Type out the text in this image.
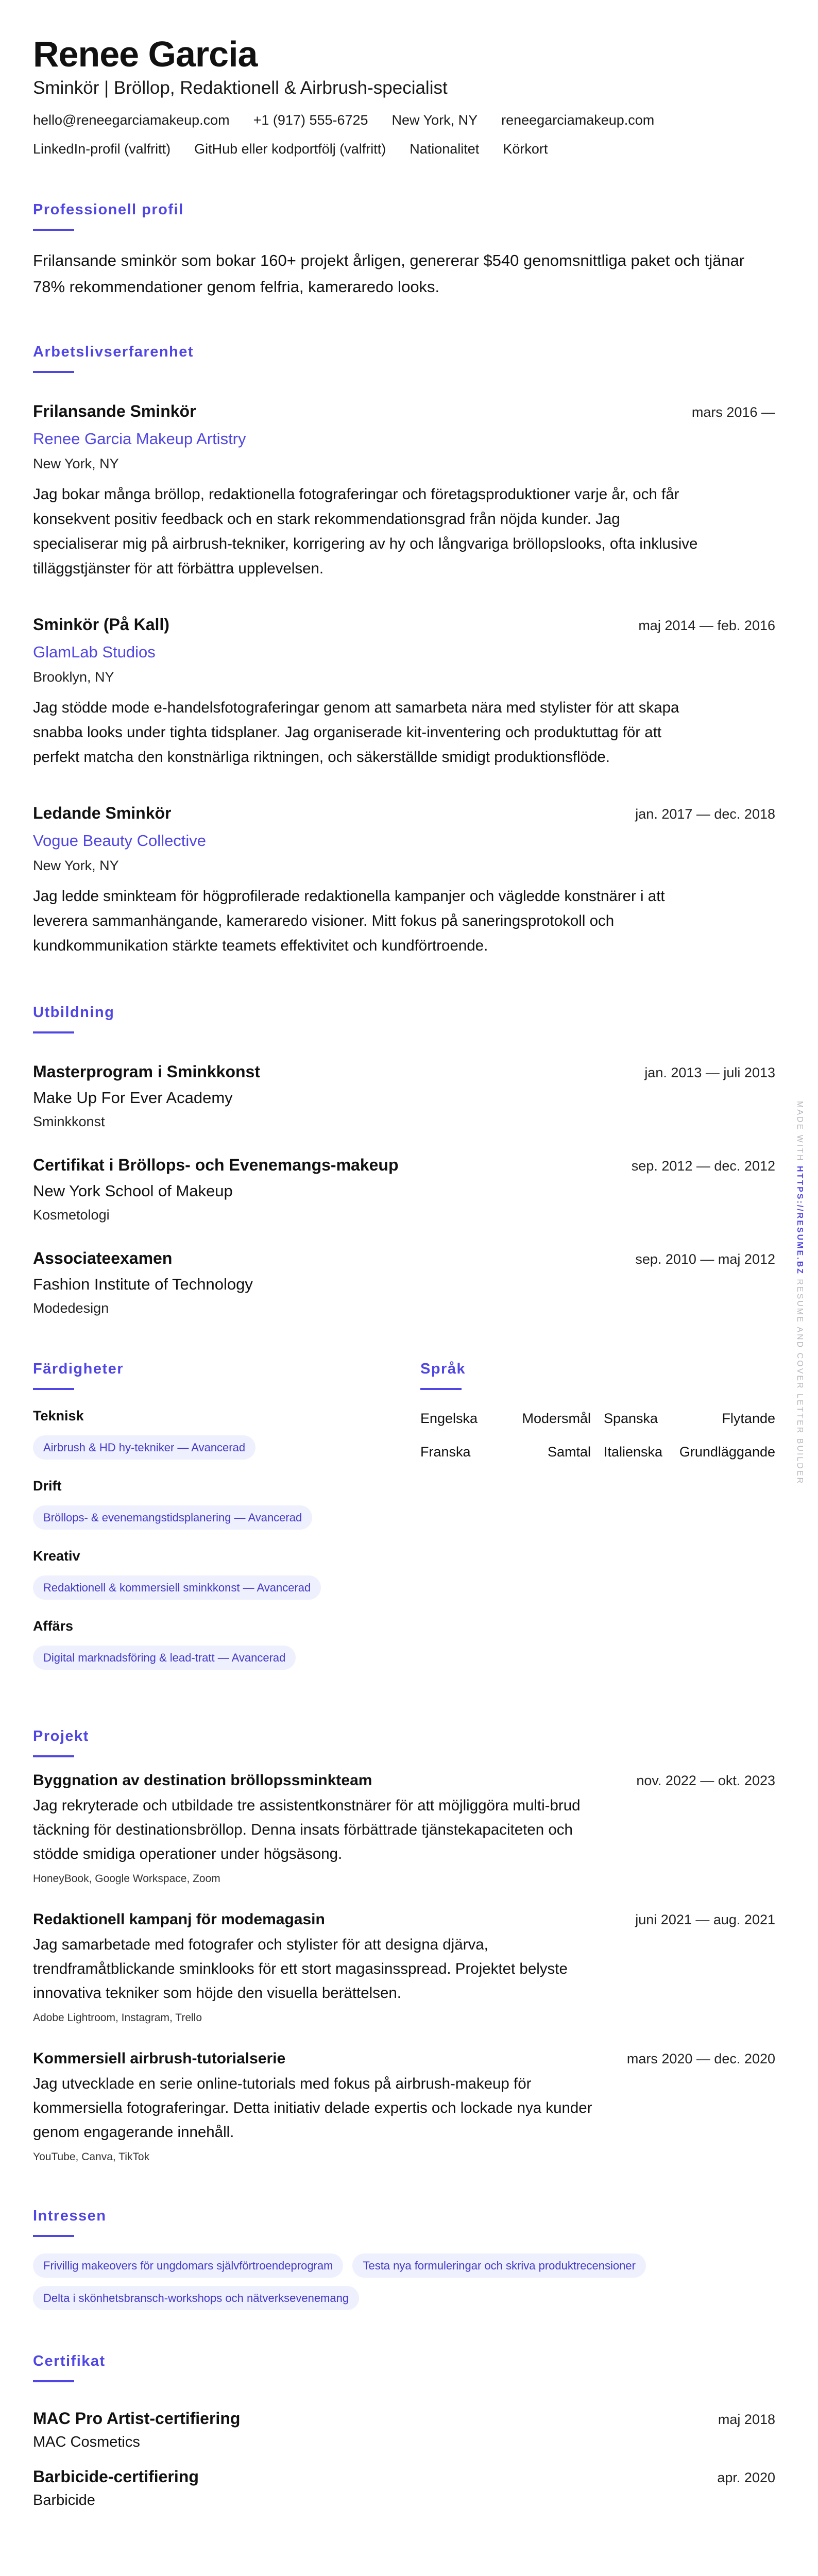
Renee Garcia
Sminkör | Bröllop, Redaktionell & Airbrush-specialist
hello@reneegarciamakeup.com +1 (917) 555-6725 New York, NY reneegarciamakeup.com
LinkedIn-profil (valfritt) GitHub eller kodportfölj (valfritt) Nationalitet Körkort
Professionell profil

Frilansande sminkör som bokar 160+ projekt årligen, genererar $540 genomsnittliga paket och tjänar 78% rekommendationer genom felfria, kameraredo looks.

Arbetslivserfarenhet
Frilansande Sminkör	mars 2016 —
Renee Garcia Makeup Artistry
New York, NY

Jag bokar många bröllop, redaktionella fotograferingar och företagsproduktioner varje år, och får konsekvent positiv feedback och en stark rekommendationsgrad från nöjda kunder. Jag specialiserar mig på airbrush-tekniker, korrigering av hy och långvariga bröllopslooks, ofta inklusive tilläggstjänster för att förbättra upplevelsen.

Sminkör (På Kall)	maj 2014 — feb. 2016
GlamLab Studios
Brooklyn, NY

Jag stödde mode e-handelsfotograferingar genom att samarbeta nära med stylister för att skapa snabba looks under tighta tidsplaner. Jag organiserade kit-inventering och produktuttag för att perfekt matcha den konstnärliga riktningen, och säkerställde smidigt produktionsflöde.

Ledande Sminkör	jan. 2017 — dec. 2018
Vogue Beauty Collective
New York, NY

Jag ledde sminkteam för högprofilerade redaktionella kampanjer och vägledde konstnärer i att leverera sammanhängande, kameraredo visioner. Mitt fokus på saneringsprotokoll och kundkommunikation stärkte teamets effektivitet och kundförtroende.

Utbildning
Masterprogram i Sminkkonst	jan. 2013 — juli 2013
Make Up For Ever Academy
Sminkkonst
Certifikat i Bröllops- och Evenemangs-makeup	sep. 2012 — dec. 2012
New York School of Makeup
Kosmetologi
Associateexamen	sep. 2010 — maj 2012
Fashion Institute of Technology
Modedesign
Färdigheter
Teknisk
Airbrush & HD hy-tekniker — Avancerad
Drift
Bröllops- & evenemangstidsplanering — Avancerad
Kreativ
Redaktionell & kommersiell sminkkonst — Avancerad
Affärs
Digital marknadsföring & lead-tratt — Avancerad
Språk
Engelska	Modersmål Spanska	Flytande
Franska	Samtal Italienska Grundläggande
Projekt
Byggnation av destination bröllopssminkteam	nov. 2022 — okt. 2023

Jag rekryterade och utbildade tre assistentkonstnärer för att möjliggöra multi-brud täckning för destinationsbröllop. Denna insats förbättrade tjänstekapaciteten och stödde smidiga operationer under högsäsong.

HoneyBook, Google Workspace, Zoom
Redaktionell kampanj för modemagasin	juni 2021 — aug. 2021

Jag samarbetade med fotografer och stylister för att designa djärva, trendframåtblickande sminklooks för ett stort magasinsspread. Projektet belyste innovativa tekniker som höjde den visuella berättelsen.

Adobe Lightroom, Instagram, Trello
Kommersiell airbrush-tutorialserie	mars 2020 — dec. 2020

Jag utvecklade en serie online-tutorials med fokus på airbrush-makeup för kommersiella fotograferingar. Detta initiativ delade expertis och lockade nya kunder genom engagerande innehåll.

YouTube, Canva, TikTok
Intressen
Frivillig makeovers för ungdomars självförtroendeprogram	Testa nya formuleringar och skriva produktrecensioner
Delta i skönhetsbransch-workshops och nätverksevenemang
Certifikat
MAC Pro Artist-certifiering	maj 2018
MAC Cosmetics
Barbicide-certifiering	apr. 2020
Barbicide
MADE WITH HTTPS://RESUME.BZ RESUME AND COVER LETTER BUILDER
